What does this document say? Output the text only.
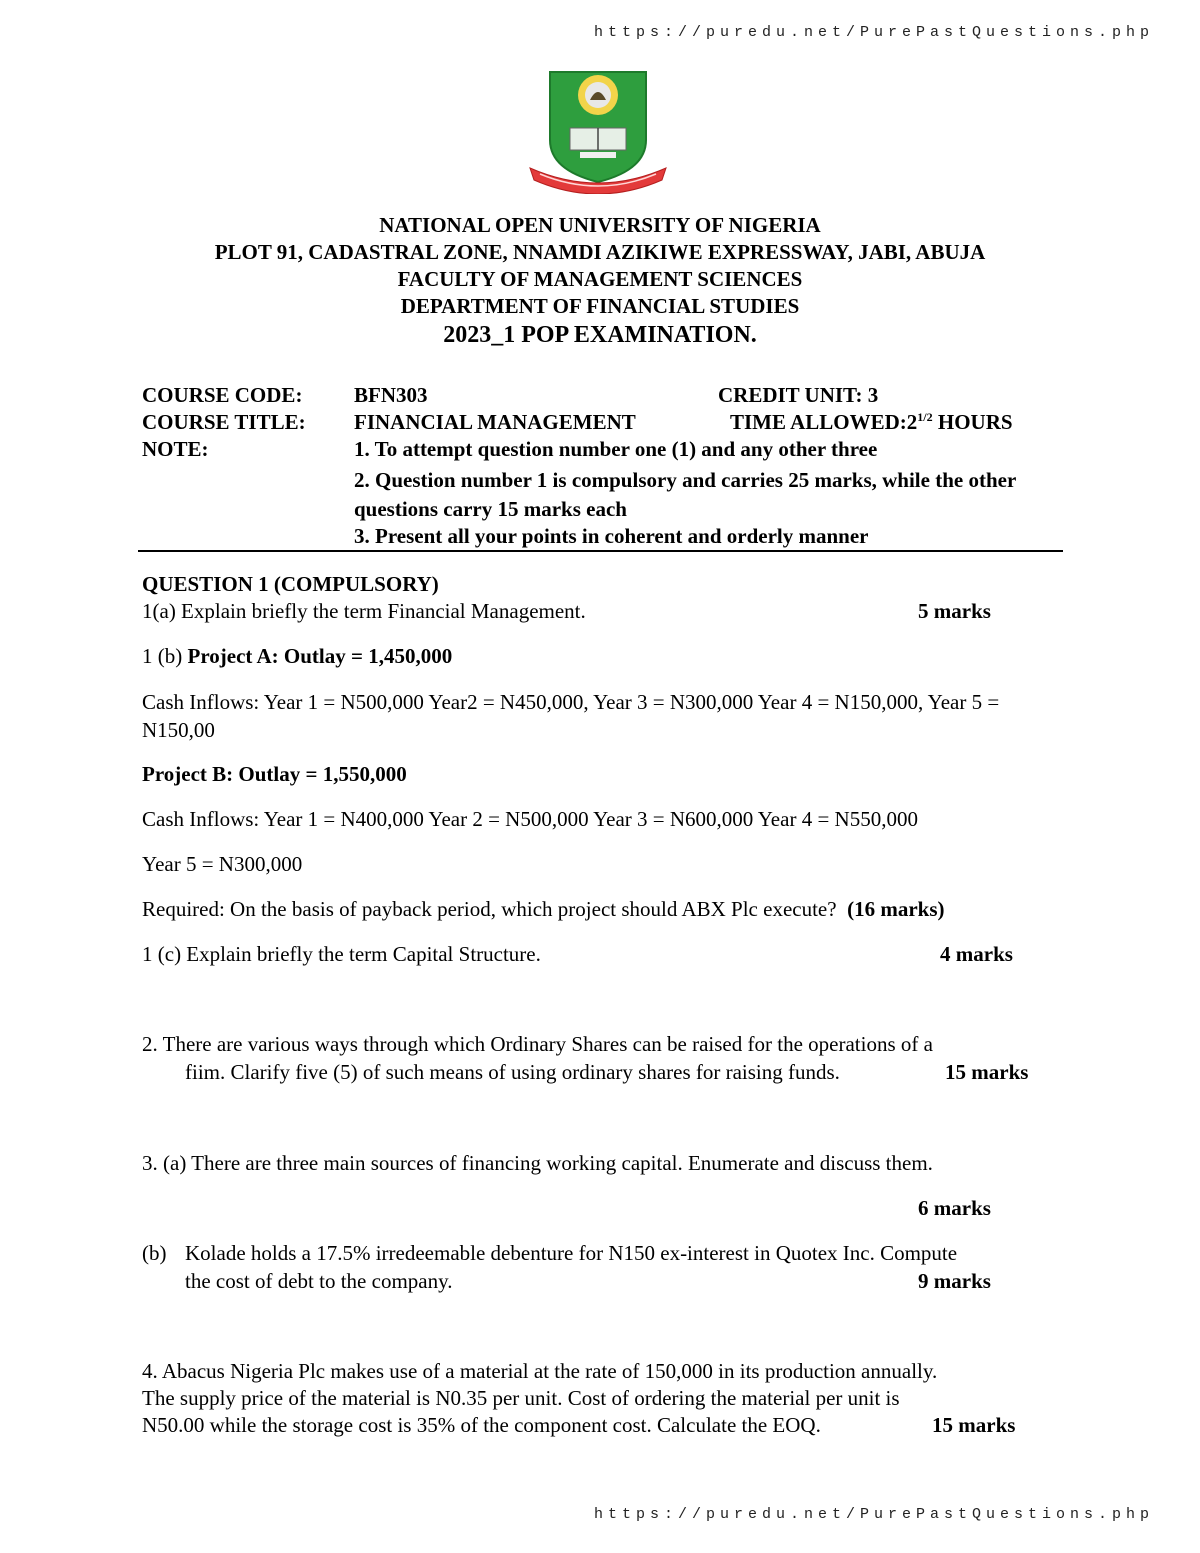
https://puredu.net/PurePastQuestions.php
NATIONAL OPEN UNIVERSITY OF NIGERIA
PLOT 91, CADASTRAL ZONE, NNAMDI AZIKIWE EXPRESSWAY, JABI, ABUJA
FACULTY OF MANAGEMENT SCIENCES
DEPARTMENT OF FINANCIAL STUDIES
2023_1 POP EXAMINATION.
COURSE CODE: BFN303	CREDIT UNIT: 3
COURSE TITLE: FINANCIAL MANAGEMENT	TIME $ALLOWED:2^{1/2}$ HOURS
NOTE:	1. To attempt question number one (1) and any other three
2. Question number 1 is compulsory and carries 25 marks, while the other questions carry 15 marks each
3. Present all your points in coherent and orderly manner
QUESTION 1 (COMPULSORY)
1(a) Explain briefly the term Financial Management.	5 marks
1 (b) Project A: Outlay = 1,450,000
Cash Inflows: Year 1 = N500,000 Year2 = N450,000, Year 3 = N300,000 Year 4 = N150,000, Year 5 = N150,00
Project B: Outlay = 1,550,000
Cash Inflows: Year 1 = N400,000 Year 2 = N500,000 Year 3 = N600,000 Year 4 = N550,000
Year 5 = N300,000
Required: On the basis of payback period, which project should ABX Plc execute? (16 marks)
1 (c) Explain briefly the term Capital Structure.	4 marks
2. There are various ways through which Ordinary Shares can be raised for the operations of a
fiim. Clarify five (5) of such means of using ordinary shares for raising funds.	15 marks
3. (a) There are three main sources of financing working capital. Enumerate and discuss them.
6 marks
(b) Kolade holds a 17.5% irredeemable debenture for N150 ex-interest in Quotex Inc. Compute
the cost of debt to the company.	9 marks
4. Abacus Nigeria Plc makes use of a material at the rate of 150,000 in its production annually.
The supply price of the material is N0.35 per unit. Cost of ordering the material per unit is
N50.00 while the storage cost is 35% of the component cost. Calculate the EOQ.	15 marks
https://puredu.net/PurePastQuestions.php
